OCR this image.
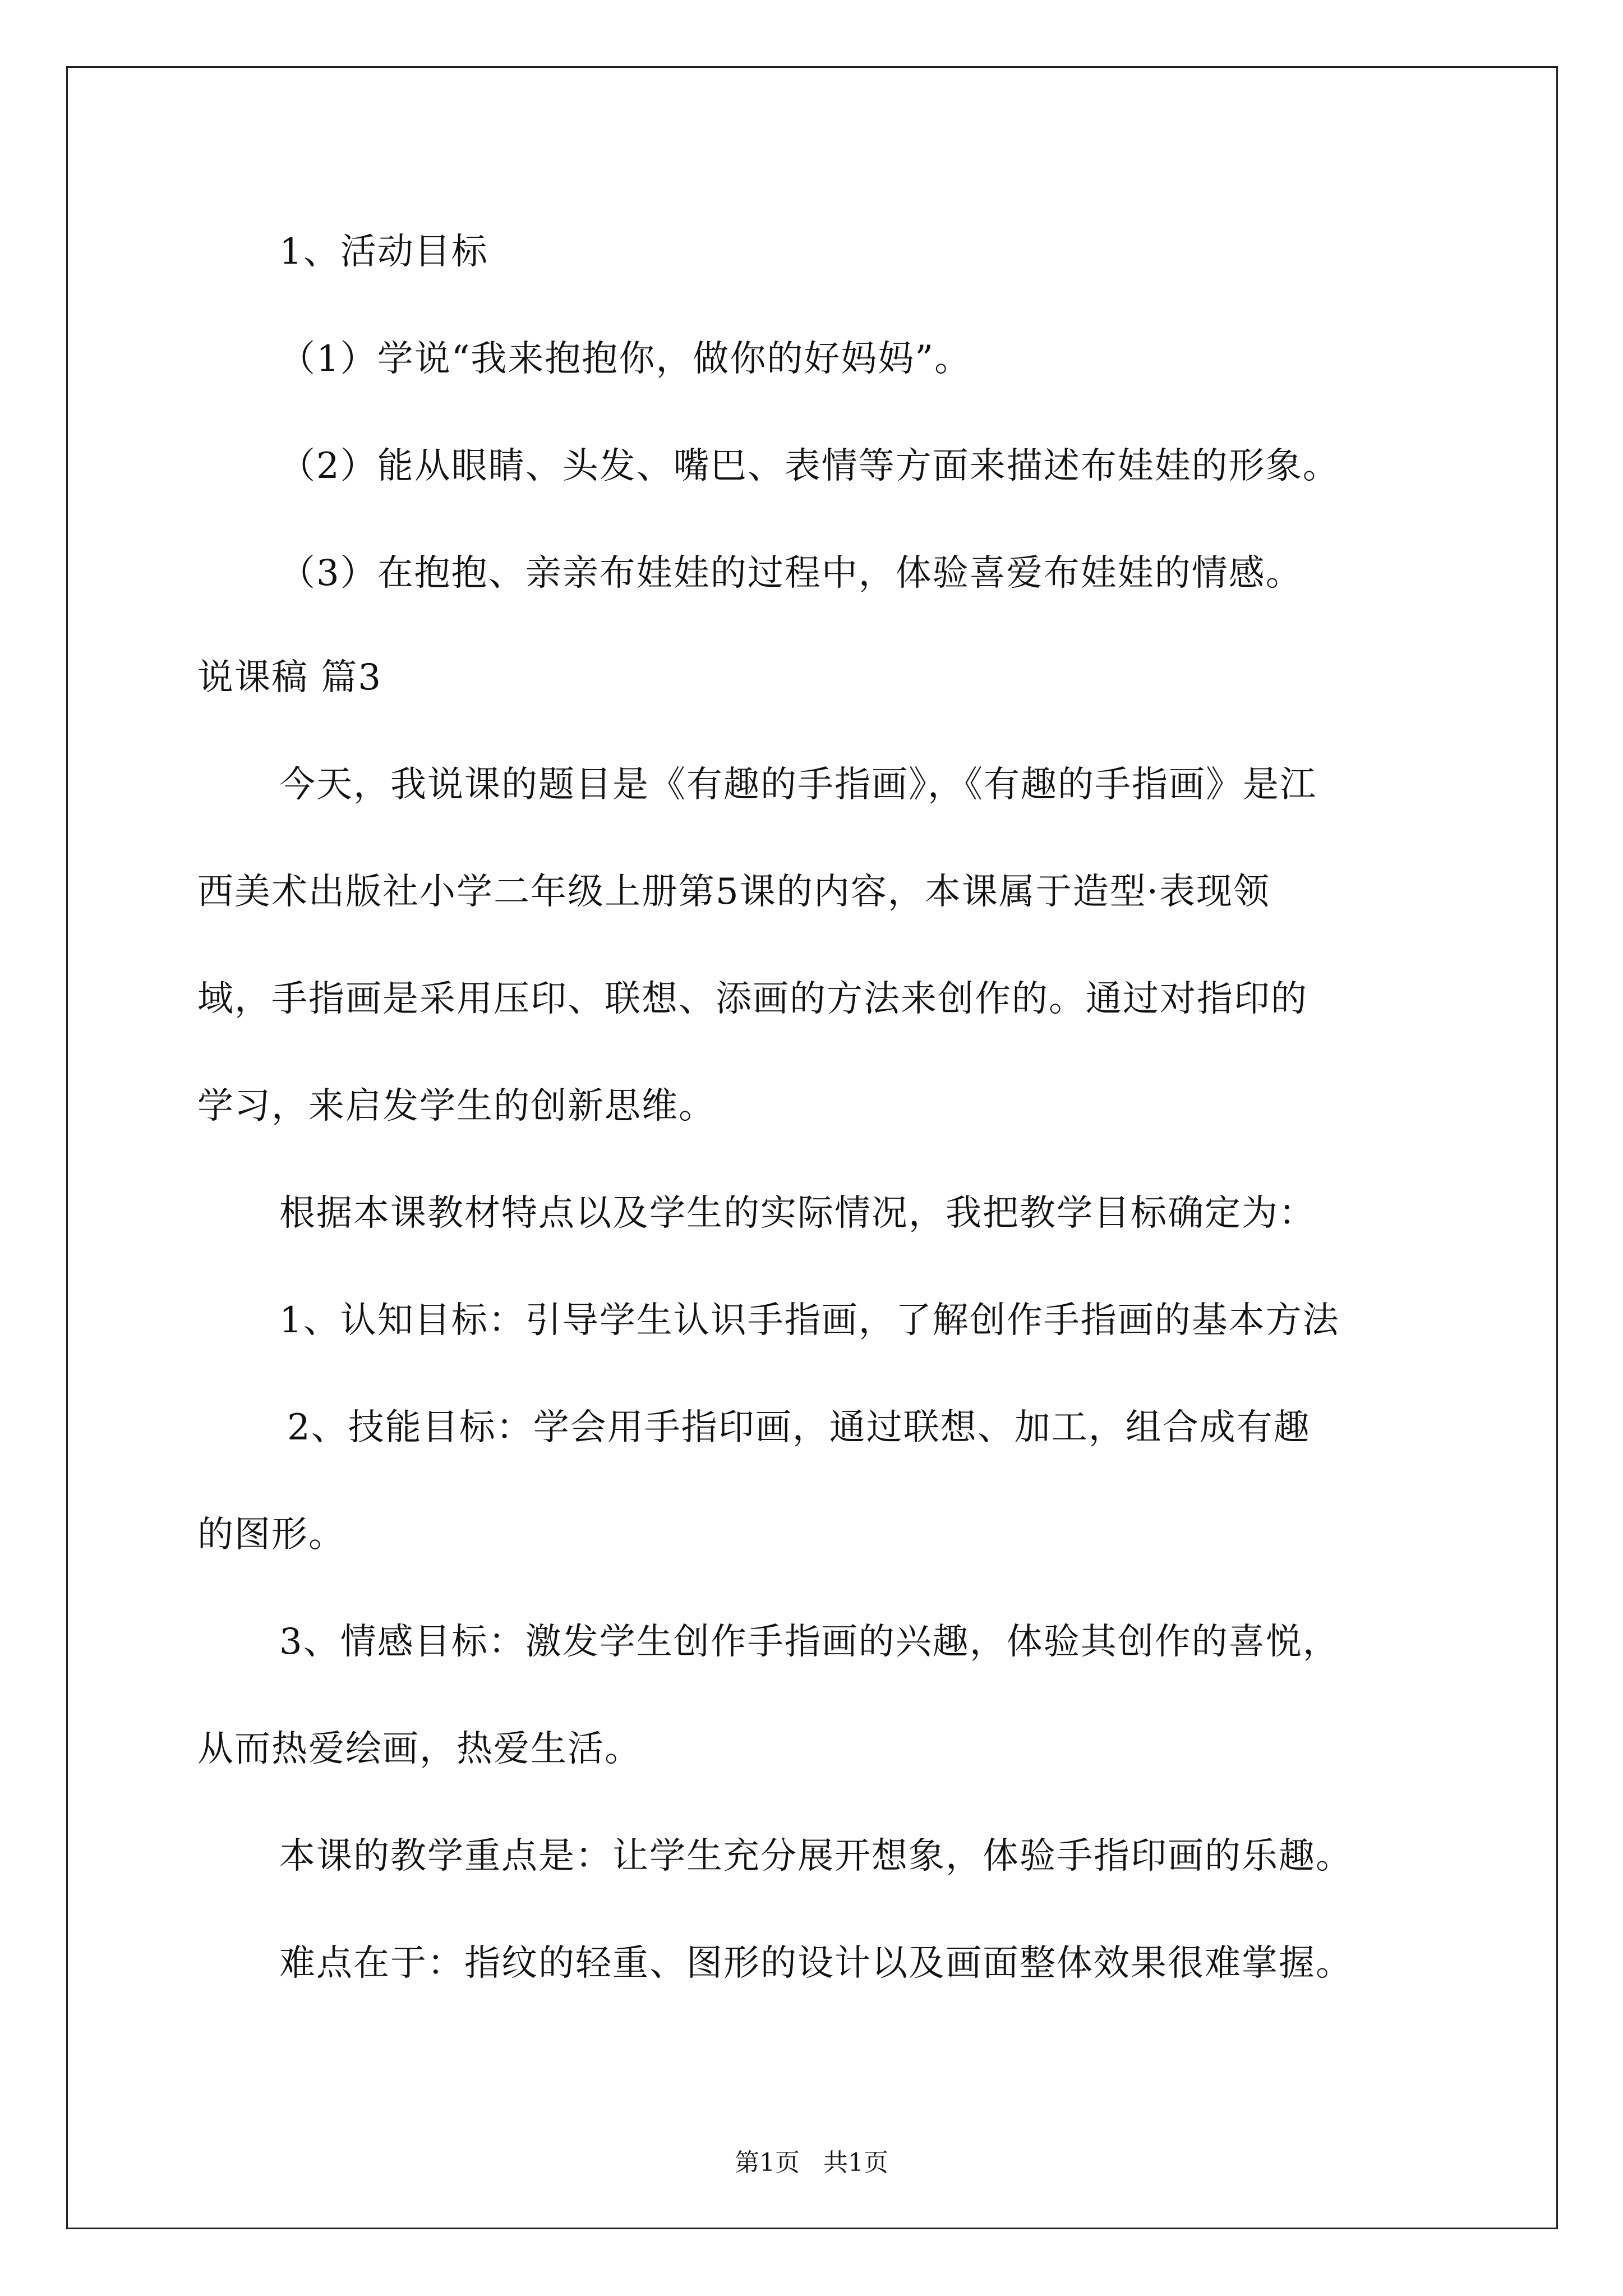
1、活动目标
（1）学说“我来抱抱你，做你的好妈妈”。
（2）能从眼睛、头发、嘴巴、表情等方面来描述布娃娃的形象。
（3）在抱抱、亲亲布娃娃的过程中，体验喜爱布娃娃的情感。
说课稿 篇3
今天，我说课的题目是《有趣的手指画》，《有趣的手指画》是江
西美术出版社小学二年级上册第5课的内容，本课属于造型·表现领
域，手指画是采用压印、联想、添画的方法来创作的。通过对指印的
学习，来启发学生的创新思维。
根据本课教材特点以及学生的实际情况，我把教学目标确定为：
1、认知目标：引导学生认识手指画，了解创作手指画的基本方法
2、技能目标：学会用手指印画，通过联想、加工，组合成有趣
的图形。
3、情感目标：激发学生创作手指画的兴趣，体验其创作的喜悦，
从而热爱绘画，热爱生活。
本课的教学重点是：让学生充分展开想象，体验手指印画的乐趣。
难点在于：指纹的轻重、图形的设计以及画面整体效果很难掌握。
第1页   共1页
